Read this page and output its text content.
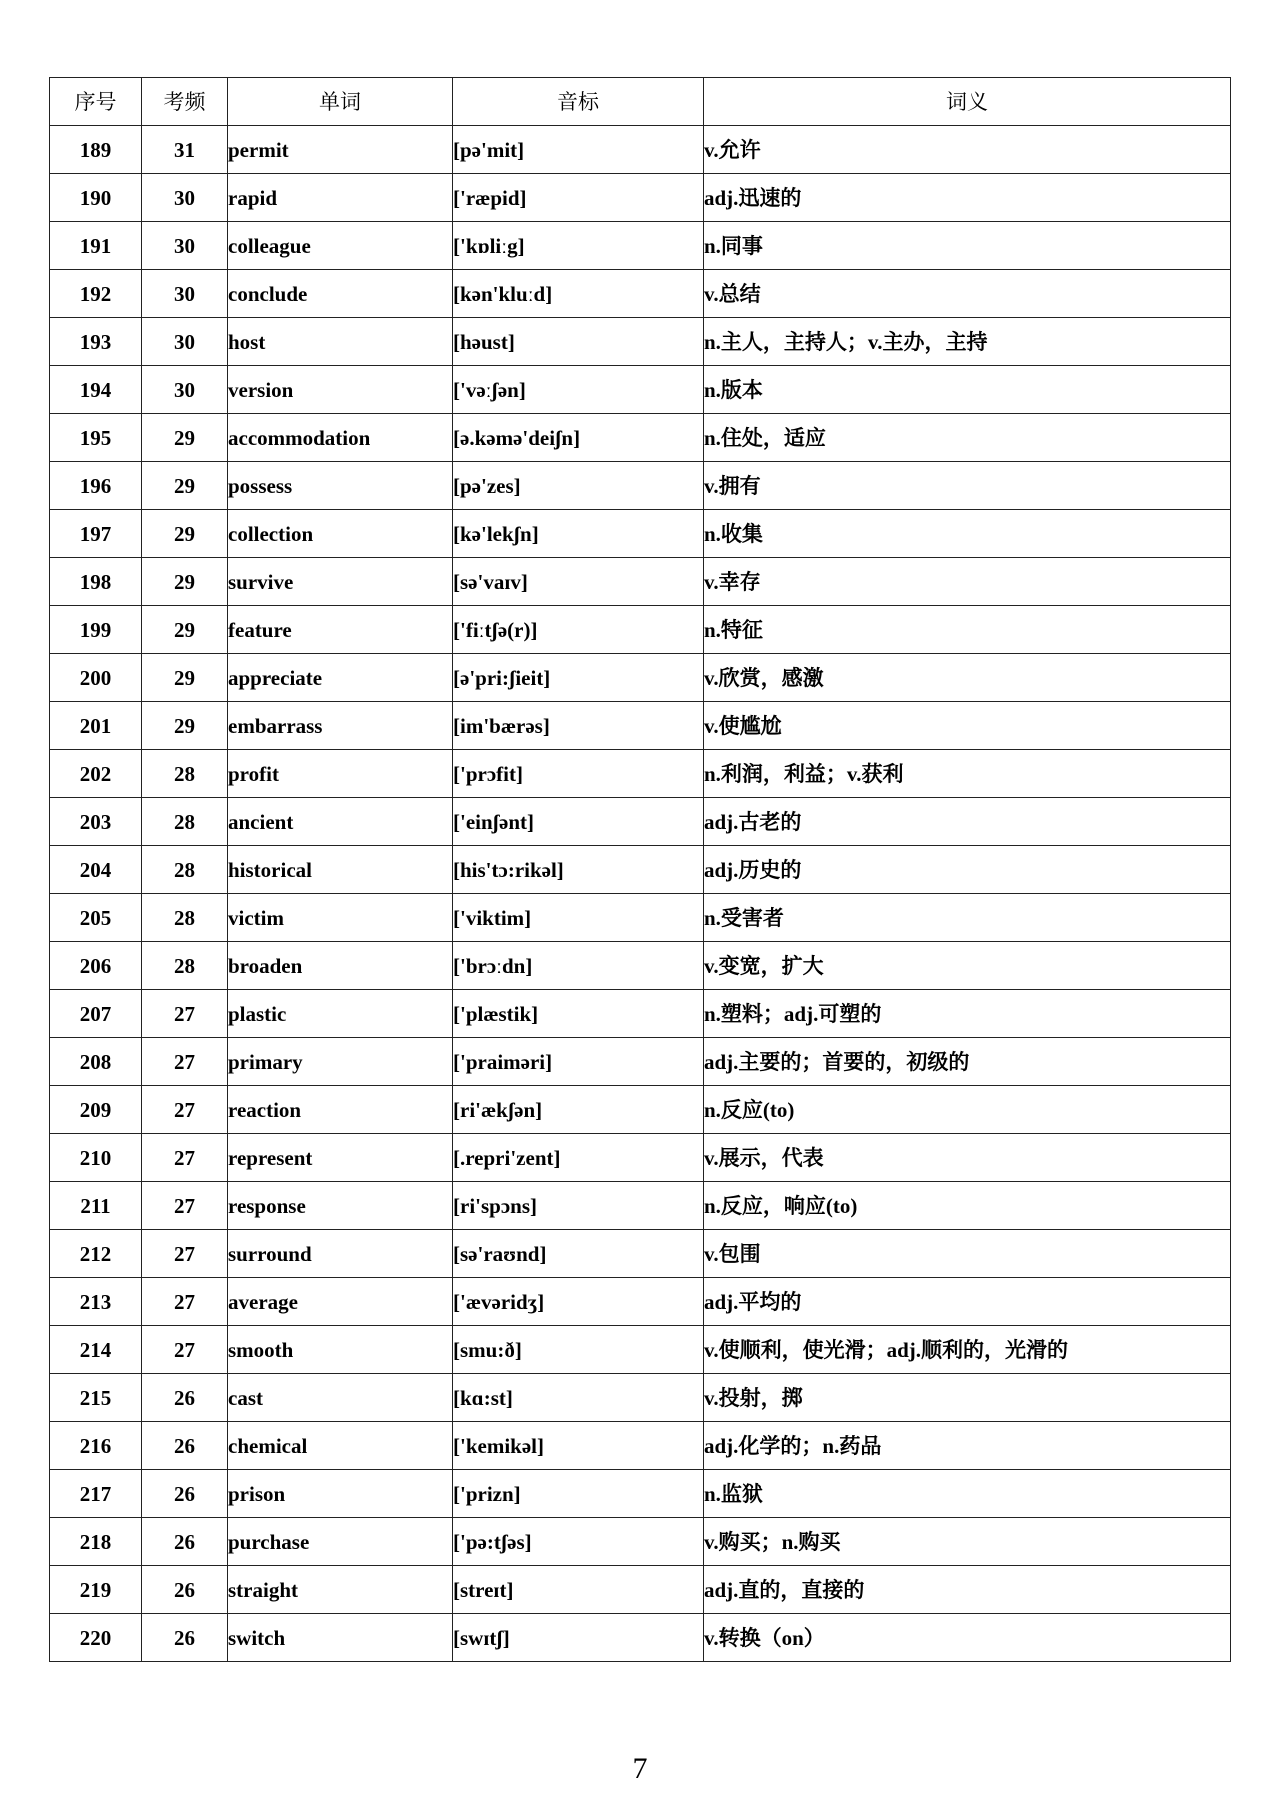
序号	考频	单词	音标	词义
189	31	permit	[pə'mit]	v.允许
190	30	rapid	['ræpid]	adj.迅速的
191	30	colleague	['kɒliːg]	n.同事
192	30	conclude	[kən'kluːd]	v.总结
193	30	host	[həust]	n.主人，主持人；v.主办，主持
194	30	version	['vəːʃən]	n.版本
195	29	accommodation	[ə.kəmə'deiʃn]	n.住处，适应
196	29	possess	[pə'zes]	v.拥有
197	29	collection	[kə'lekʃn]	n.收集
198	29	survive	[sə'vaɪv]	v.幸存
199	29	feature	['fiːtʃə(r)]	n.特征
200	29	appreciate	[ə'pri:ʃieit]	v.欣赏，感激
201	29	embarrass	[im'bærəs]	v.使尴尬
202	28	profit	['prɔfit]	n.利润，利益；v.获利
203	28	ancient	['einʃənt]	adj.古老的
204	28	historical	[his'tɔ:rikəl]	adj.历史的
205	28	victim	['viktim]	n.受害者
206	28	broaden	['brɔːdn]	v.变宽，扩大
207	27	plastic	['plæstik]	n.塑料；adj.可塑的
208	27	primary	['praiməri]	adj.主要的；首要的，初级的
209	27	reaction	[ri'ækʃən]	n.反应(to)
210	27	represent	[.repri'zent]	v.展示，代表
211	27	response	[ri'spɔns]	n.反应，响应(to)
212	27	surround	[sə'raʊnd]	v.包围
213	27	average	['ævəridʒ]	adj.平均的
214	27	smooth	[smu:ð]	v.使顺利，使光滑；adj.顺利的，光滑的
215	26	cast	[kɑ:st]	v.投射，掷
216	26	chemical	['kemikəl]	adj.化学的；n.药品
217	26	prison	['prizn]	n.监狱
218	26	purchase	['pə:tʃəs]	v.购买；n.购买
219	26	straight	[streɪt]	adj.直的，直接的
220	26	switch	[swɪtʃ]	v.转换（on）
7
